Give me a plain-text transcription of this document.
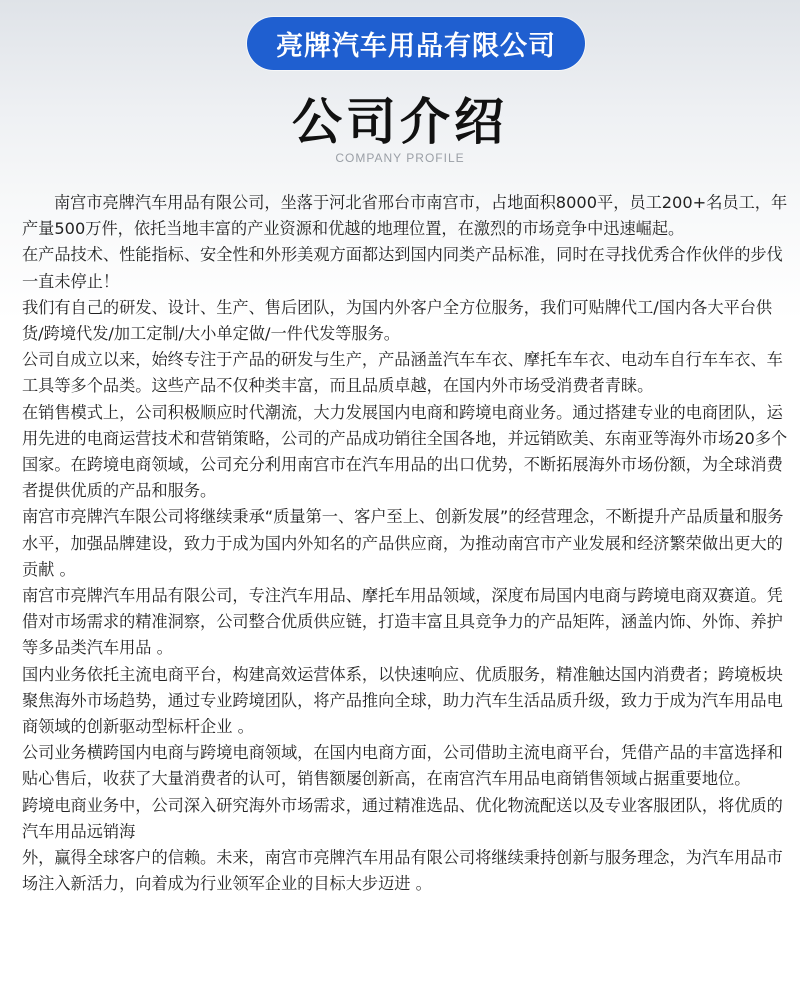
亮牌汽车用品有限公司
公司介绍
COMPANY PROFILE

南宫市亮牌汽车用品有限公司，坐落于河北省邢台市南宫市，占地面积8000平，员工200+名员工，年产量500万件，依托当地丰富的产业资源和优越的地理位置，在激烈的市场竞争中迅速崛起。

在产品技术、性能指标、安全性和外形美观方面都达到国内同类产品标准，同时在寻找优秀合作伙伴的步伐一直未停止！

我们有自己的研发、设计、生产、售后团队，为国内外客户全方位服务，我们可贴牌代工/国内各大平台供货/跨境代发/加工定制/大小单定做/一件代发等服务。

公司自成立以来，始终专注于产品的研发与生产，产品涵盖汽车车衣、摩托车车衣、电动车自行车车衣、车工具等多个品类。这些产品不仅种类丰富，而且品质卓越，在国内外市场受消费者青睐。

在销售模式上，公司积极顺应时代潮流，大力发展国内电商和跨境电商业务。通过搭建专业的电商团队，运用先进的电商运营技术和营销策略，公司的产品成功销往全国各地，并远销欧美、东南亚等海外市场20多个国家。在跨境电商领域，公司充分利用南宫市在汽车用品的出口优势，不断拓展海外市场份额，为全球消费者提供优质的产品和服务。

南宫市亮牌汽车限公司将继续秉承“质量第一、客户至上、创新发展”的经营理念，不断提升产品质量和服务水平，加强品牌建设，致力于成为国内外知名的产品供应商，为推动南宫市产业发展和经济繁荣做出更大的贡献 。

南宫市亮牌汽车用品有限公司，专注汽车用品、摩托车用品领域，深度布局国内电商与跨境电商双赛道。凭借对市场需求的精准洞察，公司整合优质供应链，打造丰富且具竞争力的产品矩阵，涵盖内饰、外饰、养护等多品类汽车用品 。

国内业务依托主流电商平台，构建高效运营体系，以快速响应、优质服务，精准触达国内消费者；跨境板块聚焦海外市场趋势，通过专业跨境团队，将产品推向全球，助力汽车生活品质升级，致力于成为汽车用品电商领域的创新驱动型标杆企业 。

公司业务横跨国内电商与跨境电商领域，在国内电商方面，公司借助主流电商平台，凭借产品的丰富选择和贴心售后，收获了大量消费者的认可，销售额屡创新高，在南宫汽车用品电商销售领域占据重要地位。

跨境电商业务中，公司深入研究海外市场需求，通过精准选品、优化物流配送以及专业客服团队，将优质的汽车用品远销海

外，赢得全球客户的信赖。未来，南宫市亮牌汽车用品有限公司将继续秉持创新与服务理念，为汽车用品市场注入新活力，向着成为行业领军企业的目标大步迈进 。
